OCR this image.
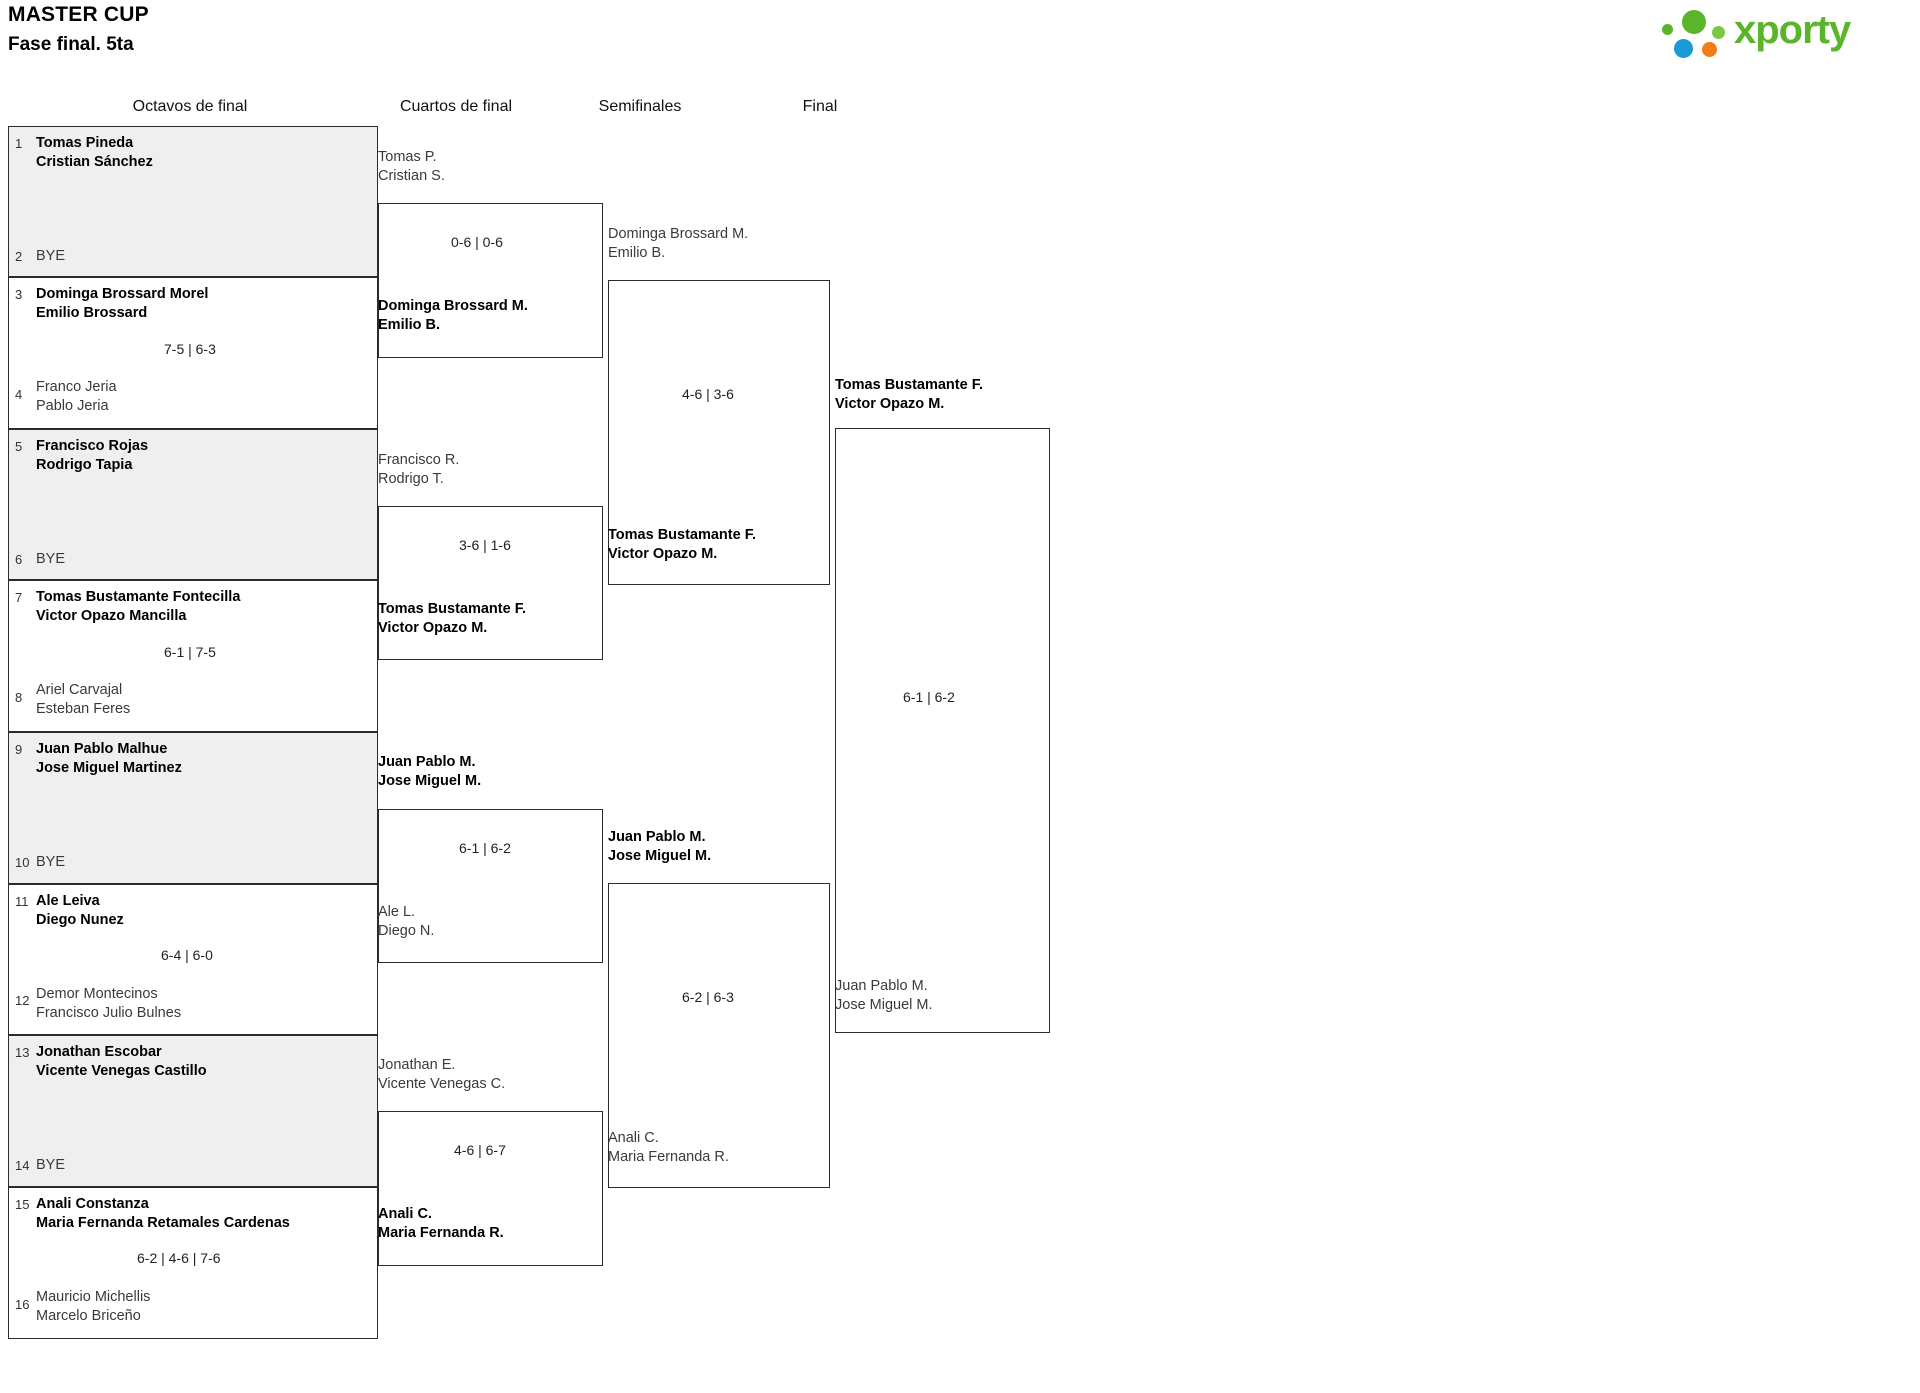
MASTER CUP
Fase final. 5ta	xporty
Octavos de final	Cuartos de final	Semifinales	Final
1 Tomas Pineda
Cristian Sánchez
2 BYE
3 Dominga Brossard Morel
Emilio Brossard
7-5 | 6-3
4 Franco Jeria
Pablo Jeria
5 Francisco Rojas
Rodrigo Tapia
6 BYE
7 Tomas Bustamante Fontecilla
Victor Opazo Mancilla
6-1 | 7-5
8 Ariel Carvajal
Esteban Feres
9 Juan Pablo Malhue
Jose Miguel Martinez
10 BYE
11 Ale Leiva
Diego Nunez
6-4 | 6-0
12 Demor Montecinos
Francisco Julio Bulnes
13 Jonathan Escobar
Vicente Venegas Castillo
14 BYE
15 Anali Constanza
Maria Fernanda Retamales Cardenas
6-2 | 4-6 | 7-6
16 Mauricio Michellis
Marcelo Briceño
Tomas P.
Cristian S.
0-6 | 0-6
Dominga Brossard M.
Emilio B.
Francisco R.
Rodrigo T.
3-6 | 1-6
Tomas Bustamante F.
Victor Opazo M.
Juan Pablo M.
Jose Miguel M.
6-1 | 6-2
Ale L.
Diego N.
Jonathan E.
Vicente Venegas C.
4-6 | 6-7
Anali C.
Maria Fernanda R.
Dominga Brossard M.
Emilio B.
4-6 | 3-6
Tomas Bustamante F.
Victor Opazo M.
Juan Pablo M.
Jose Miguel M.
6-2 | 6-3
Anali C.
Maria Fernanda R.
Tomas Bustamante F.
Victor Opazo M.
6-1 | 6-2
Juan Pablo M.
Jose Miguel M.
